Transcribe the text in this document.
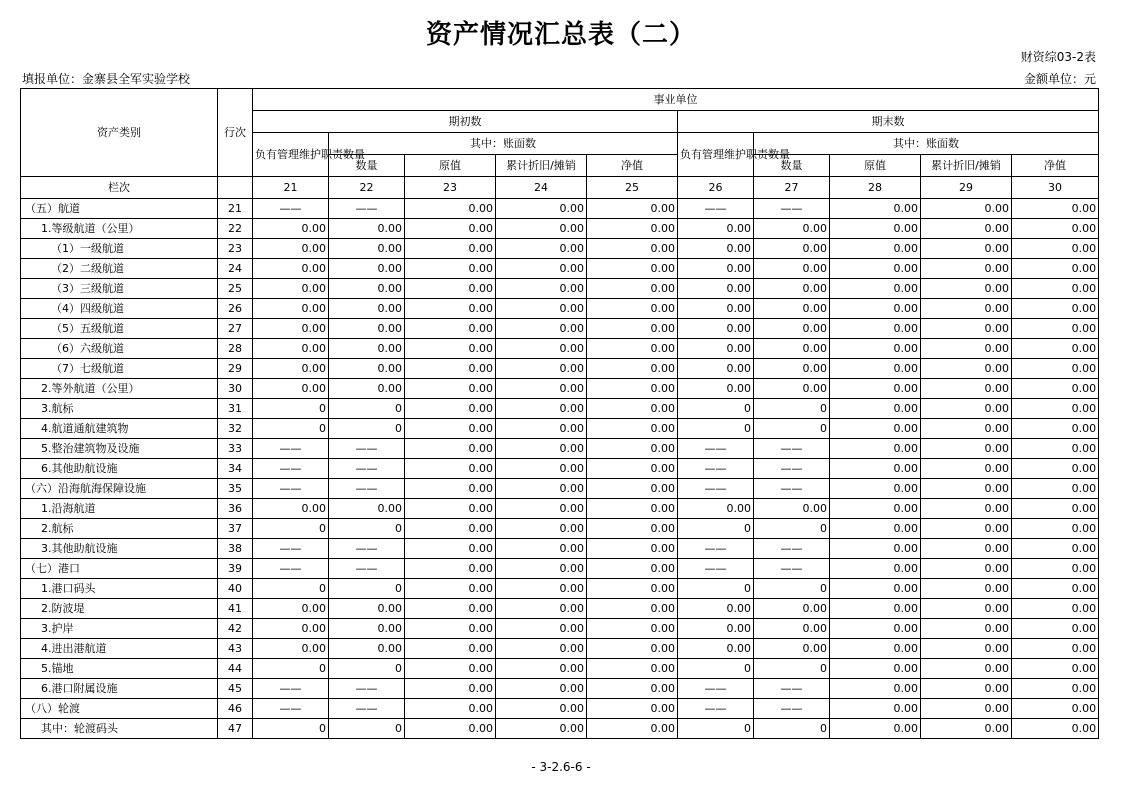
资产情况汇总表（二）
财资综03-2表
填报单位：金寨县全军实验学校	金额单位：元
资产类别	行次	事业单位									
		期初数					期末数				
		负有管理维护职责数量	其中：账面数				负有管理维护职责数量	其中：账面数			
			数量	原值	累计折旧/摊销	净值		数量	原值	累计折旧/摊销	净值
栏次		21	22	23	24	25	26	27	28	29	30
（五）航道	21	——	——	0.00	0.00	0.00	——	——	0.00	0.00	0.00
1.等级航道（公里）	22	0.00	0.00	0.00	0.00	0.00	0.00	0.00	0.00	0.00	0.00
（1）一级航道	23	0.00	0.00	0.00	0.00	0.00	0.00	0.00	0.00	0.00	0.00
（2）二级航道	24	0.00	0.00	0.00	0.00	0.00	0.00	0.00	0.00	0.00	0.00
（3）三级航道	25	0.00	0.00	0.00	0.00	0.00	0.00	0.00	0.00	0.00	0.00
（4）四级航道	26	0.00	0.00	0.00	0.00	0.00	0.00	0.00	0.00	0.00	0.00
（5）五级航道	27	0.00	0.00	0.00	0.00	0.00	0.00	0.00	0.00	0.00	0.00
（6）六级航道	28	0.00	0.00	0.00	0.00	0.00	0.00	0.00	0.00	0.00	0.00
（7）七级航道	29	0.00	0.00	0.00	0.00	0.00	0.00	0.00	0.00	0.00	0.00
2.等外航道（公里）	30	0.00	0.00	0.00	0.00	0.00	0.00	0.00	0.00	0.00	0.00
3.航标	31	0	0	0.00	0.00	0.00	0	0	0.00	0.00	0.00
4.航道通航建筑物	32	0	0	0.00	0.00	0.00	0	0	0.00	0.00	0.00
5.整治建筑物及设施	33	——	——	0.00	0.00	0.00	——	——	0.00	0.00	0.00
6.其他助航设施	34	——	——	0.00	0.00	0.00	——	——	0.00	0.00	0.00
（六）沿海航海保障设施	35	——	——	0.00	0.00	0.00	——	——	0.00	0.00	0.00
1.沿海航道	36	0.00	0.00	0.00	0.00	0.00	0.00	0.00	0.00	0.00	0.00
2.航标	37	0	0	0.00	0.00	0.00	0	0	0.00	0.00	0.00
3.其他助航设施	38	——	——	0.00	0.00	0.00	——	——	0.00	0.00	0.00
（七）港口	39	——	——	0.00	0.00	0.00	——	——	0.00	0.00	0.00
1.港口码头	40	0	0	0.00	0.00	0.00	0	0	0.00	0.00	0.00
2.防波堤	41	0.00	0.00	0.00	0.00	0.00	0.00	0.00	0.00	0.00	0.00
3.护岸	42	0.00	0.00	0.00	0.00	0.00	0.00	0.00	0.00	0.00	0.00
4.进出港航道	43	0.00	0.00	0.00	0.00	0.00	0.00	0.00	0.00	0.00	0.00
5.锚地	44	0	0	0.00	0.00	0.00	0	0	0.00	0.00	0.00
6.港口附属设施	45	——	——	0.00	0.00	0.00	——	——	0.00	0.00	0.00
（八）轮渡	46	——	——	0.00	0.00	0.00	——	——	0.00	0.00	0.00
其中：轮渡码头	47	0	0	0.00	0.00	0.00	0	0	0.00	0.00	0.00
- 3-2.6-6 -
